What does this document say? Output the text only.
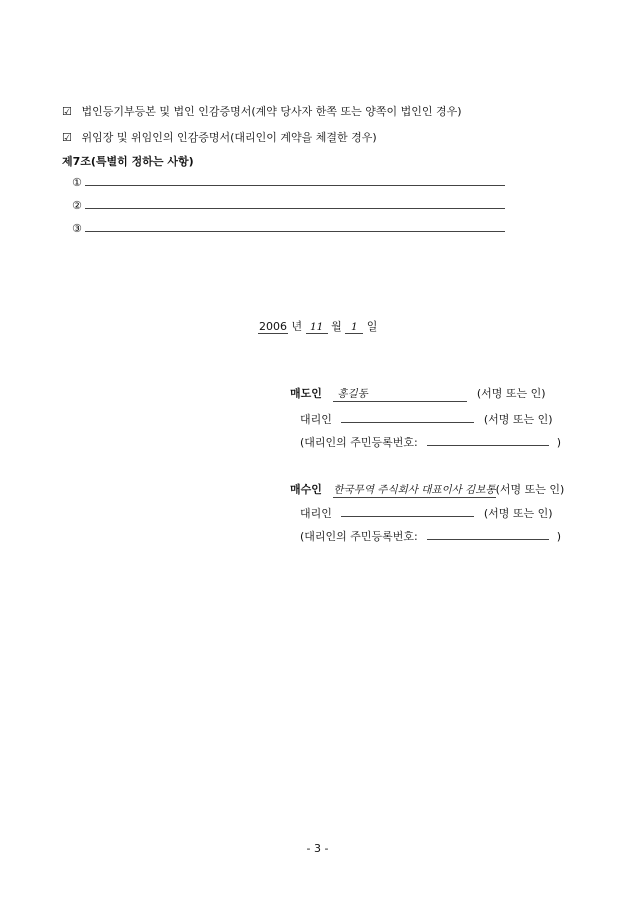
☑ 법인등기부등본 및 법인 인감증명서(계약 당사자 한쪽 또는 양쪽이 법인인 경우)
☑ 위임장 및 위임인의 인감증명서(대리인이 계약을 체결한 경우)
제7조(특별히 정하는 사항)
①
②
③
2006 년 11 월 1 일
매도인 홍길동	(서명 또는 인)
대리인	(서명 또는 인)
(대리인의 주민등록번호:	)
매수인 한국무역 주식회사 대표이사 김보통(서명 또는 인)
대리인	(서명 또는 인)
(대리인의 주민등록번호:	)
- 3 -
